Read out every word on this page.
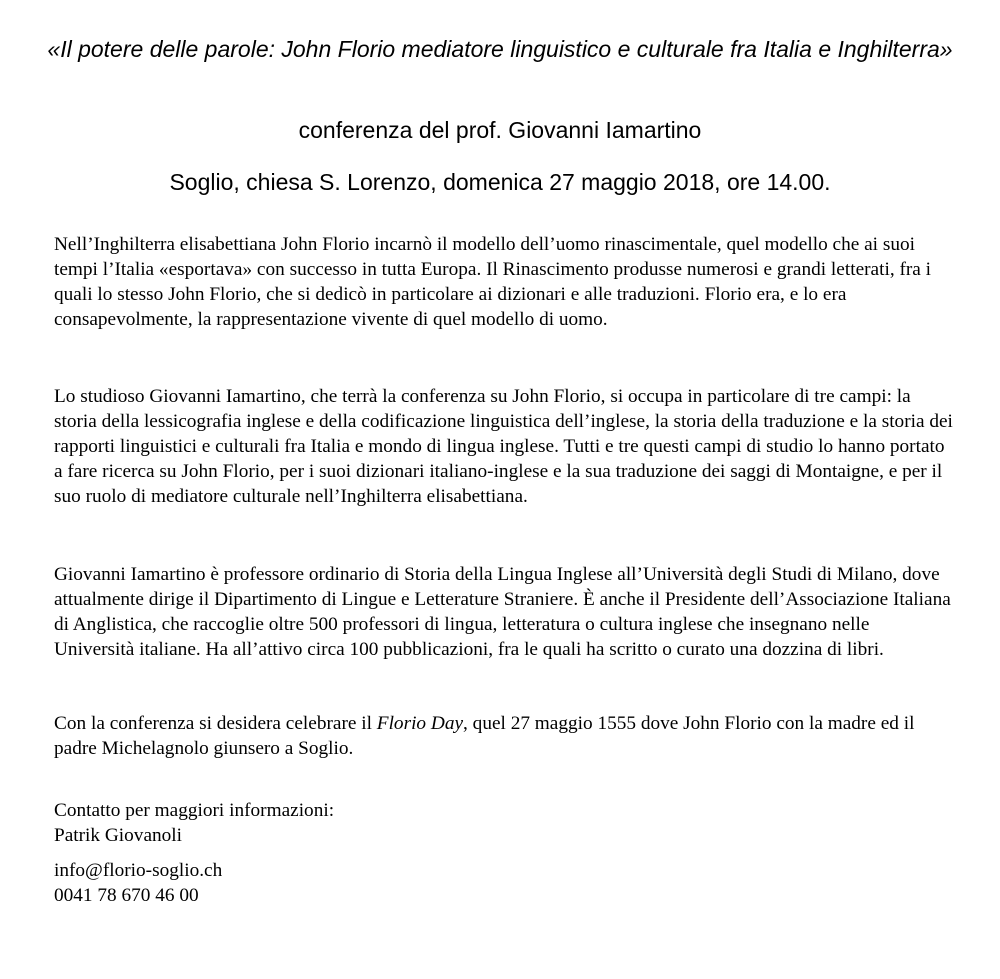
«Il potere delle parole: John Florio mediatore linguistico e culturale fra Italia e Inghilterra»

conferenza del prof. Giovanni Iamartino

Soglio, chiesa S. Lorenzo, domenica 27 maggio 2018, ore 14.00.

Nell’Inghilterra elisabettiana John Florio incarnò il modello dell’uomo rinascimentale, quel modello che ai suoi tempi l’Italia «esportava» con successo in tutta Europa. Il Rinascimento produsse numerosi e grandi letterati, fra i quali lo stesso John Florio, che si dedicò in particolare ai dizionari e alle traduzioni. Florio era, e lo era consapevolmente, la rappresentazione vivente di quel modello di uomo.

Lo studioso Giovanni Iamartino, che terrà la conferenza su John Florio, si occupa in particolare di tre campi: la storia della lessicografia inglese e della codificazione linguistica dell’inglese, la storia della traduzione e la storia dei rapporti linguistici e culturali fra Italia e mondo di lingua inglese. Tutti e tre questi campi di studio lo hanno portato a fare ricerca su John Florio, per i suoi dizionari italiano-inglese e la sua traduzione dei saggi di Montaigne, e per il suo ruolo di mediatore culturale nell’Inghilterra elisabettiana.

Giovanni Iamartino è professore ordinario di Storia della Lingua Inglese all’Università degli Studi di Milano, dove attualmente dirige il Dipartimento di Lingue e Letterature Straniere. È anche il Presidente dell’Associazione Italiana di Anglistica, che raccoglie oltre 500 professori di lingua, letteratura o cultura inglese che insegnano nelle Università italiane. Ha all’attivo circa 100 pubblicazioni, fra le quali ha scritto o curato una dozzina di libri.

Con la conferenza si desidera celebrare il Florio Day, quel 27 maggio 1555 dove John Florio con la madre ed il padre Michelagnolo giunsero a Soglio.

Contatto per maggiori informazioni:
Patrik Giovanoli
info@florio-soglio.ch
0041 78 670 46 00
